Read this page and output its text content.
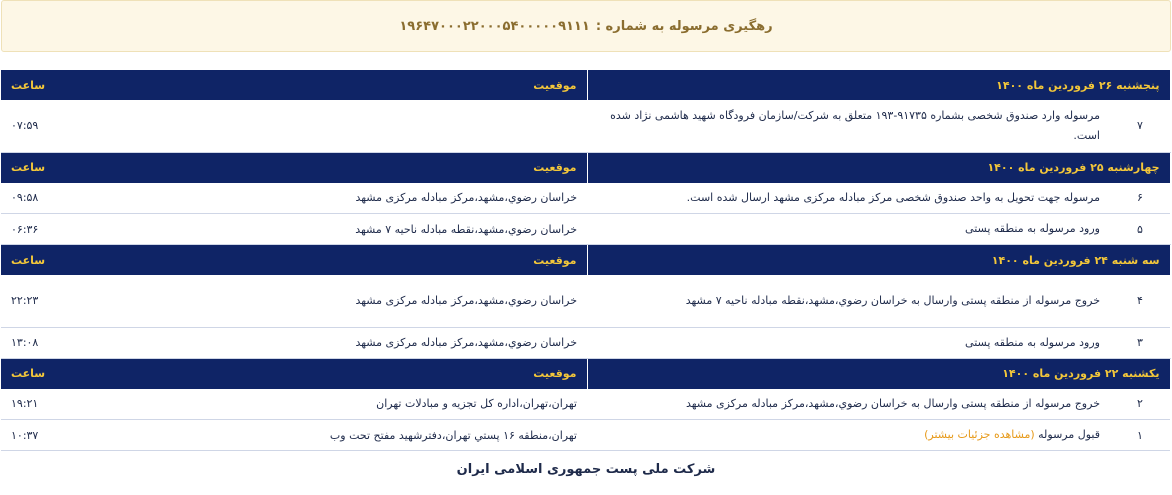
رهگیری مرسوله به شماره :
۱۹۶۴۷۰۰۰۲۲۰۰۰۵۴۰۰۰۰۰۹۱۱۱
ساعت	موقعیت	پنجشنبه ۲۶ فروردین ماه ۱۴۰۰	
۰۷:۵۹		مرسوله وارد صندوق شخصی بشماره ۹۱۷۳۵-۱۹۳ متعلق به شرکت/سازمان فرودگاه شهید هاشمی نژاد شده است.	۷
ساعت	موقعیت	چهارشنبه ۲۵ فروردین ماه ۱۴۰۰	
۰۹:۵۸	خراسان رضوي،مشهد،مرکز مبادله مرکزی مشهد	مرسوله جهت تحویل به واحد صندوق شخصی مرکز مبادله مرکزی مشهد ارسال شده است.	۶
۰۶:۳۶	خراسان رضوي،مشهد،نقطه مبادله ناحیه ۷ مشهد	ورود مرسوله به منطقه پستی	۵
ساعت	موقعیت	سه شنبه ۲۴ فروردین ماه ۱۴۰۰	
۲۲:۲۳	خراسان رضوي،مشهد،مرکز مبادله مرکزی مشهد	خروج مرسوله از منطقه پستی وارسال به خراسان رضوي،مشهد،نقطه مبادله ناحیه ۷ مشهد	۴
۱۳:۰۸	خراسان رضوي،مشهد،مرکز مبادله مرکزی مشهد	ورود مرسوله به منطقه پستی	۳
ساعت	موقعیت	یکشنبه ۲۲ فروردین ماه ۱۴۰۰	
۱۹:۲۱	تهران،تهران،اداره کل تجزیه و مبادلات تهران	خروج مرسوله از منطقه پستی وارسال به خراسان رضوي،مشهد،مرکز مبادله مرکزی مشهد	۲
۱۰:۳۷	تهران،منطقه ۱۶ پستي تهران،دفترشهید مفتح تحت وب	قبول مرسوله (مشاهده جزئیات بیشتر)	۱
شرکت ملی پست جمهوری اسلامی ایران
